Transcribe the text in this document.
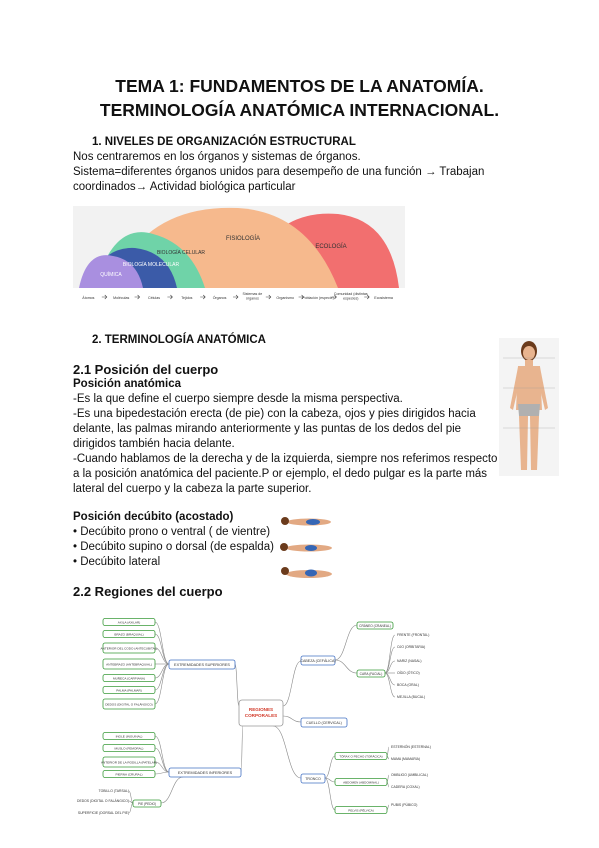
TEMA 1: FUNDAMENTOS DE LA ANATOMÍA.
TERMINOLOGÍA ANATÓMICA INTERNACIONAL.
1. NIVELES DE ORGANIZACIÓN ESTRUCTURAL
Nos centraremos en los órganos y sistemas de órganos.
Sistema=diferentes órganos unidos para desempeño de una función → Trabajan
coordinados→ Actividad biológica particular
FISIOLOGÍA
ECOLOGÍA
BIOLOGÍA CELULAR
BIOLOGÍA MOLECULAR
QUÍMICA
Átomos	Moléculas	Células	Tejidos	Órganos
Sistemas de órganos	Organismo Población (especie)
Comunidad (distintas especies)	Ecosistema
2. TERMINOLOGÍA ANATÓMICA
2.1 Posición del cuerpo
Posición anatómica
-Es la que define el cuerpo siempre desde la misma perspectiva.
-Es una bipedestación erecta (de pie) con la cabeza, ojos y pies dirigidos hacia
delante, las palmas mirando anteriormente y las puntas de los dedos del pie
dirigidos también hacia delante.
-Cuando hablamos de la derecha y de la izquierda, siempre nos referimos respecto
a la posición anatómica del paciente.P or ejemplo, el dedo pulgar es la parte más
lateral del cuerpo y la cabeza la parte superior.
Posición decúbito (acostado)
• Decúbito prono o ventral ( de vientre)
• Decúbito supino o dorsal (de espalda)
• Decúbito lateral
2.2 Regiones del cuerpo
REGIONES CORPORALES
EXTREMIDADES SUPERIORES
AXILA (AXILAR)
BRAZO (BRAQUIAL)
ANTERIOR DEL CODO (ANTECUBITAL)
ANTEBRAZO (ANTEBRAQUIAL)
MUÑECA (CARPIANA)
PALMA (PALMAR)
DEDOS (DIGITAL O FALÁNGICO)
EXTREMIDADES INFERIORES
INGLE (INGUINAL)
MUSLO (FEMORAL)
ANTERIOR DE LA RODILLA (PATELAR)
PIERNA (CRURAL)
PIE (PEDIO)
TOBILLO (TARSAL)
DEDOS (DIGITAL O FALÁNGICO)
SUPERFICIE (DORSAL DEL PIE)
CABEZA (CEFÁLICA)
CRÁNEO (CRANEAL)
CARA (FACIAL)
FRENTE (FRONTAL)
OJO (ORBITARIA)
NARIZ (NASAL)
OÍDO (ÓTICO)
BOCA (ORAL)
MEJILLA (BUCAL)
CUELLO (CERVICAL)
TRONCO
TÓRAX O PECHO (TORÁCICA)
ABDOMEN (ABDOMINAL)
PELVIS (PÉLVICA)
ESTERNÓN (ESTERNAL)
MAMA (MAMARIA)
OMBLIGO (UMBILICAL)
CADERA (COXAL)
PUBIS (PÚBICO)
